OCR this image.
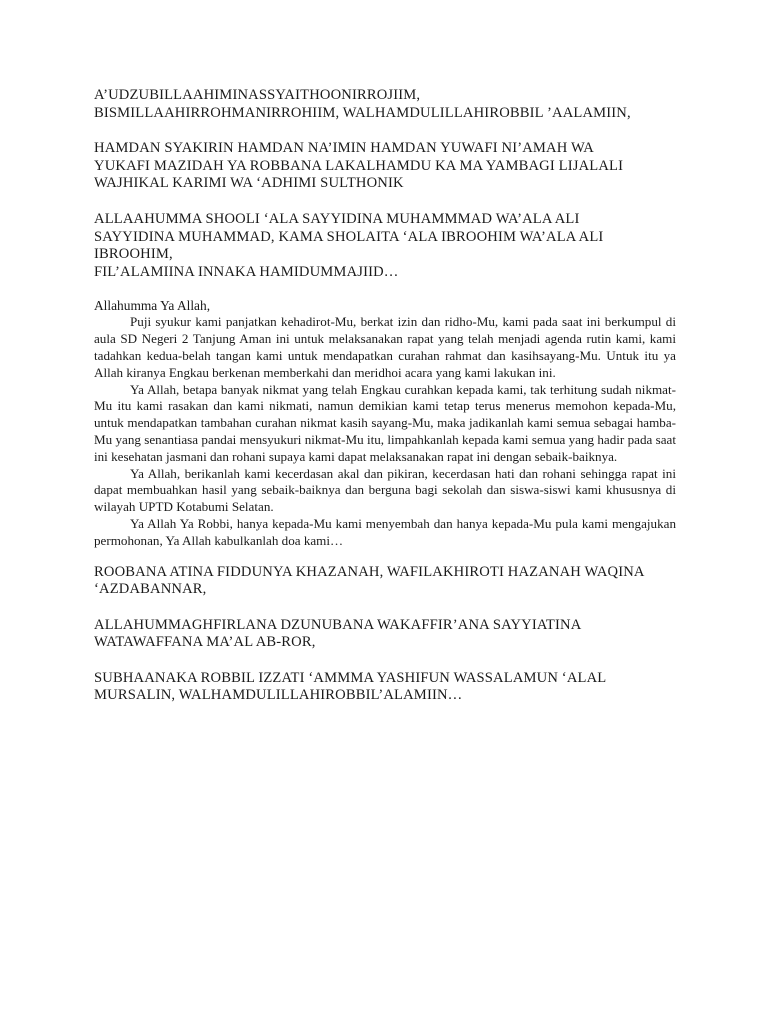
A’UDZUBILLAAHIMINASSYAITHOONIRROJIIM,
BISMILLAAHIRROHMANIRROHIIM, WALHAMDULILLAHIROBBIL ’AALAMIIN,
HAMDAN SYAKIRIN HAMDAN NA’IMIN HAMDAN YUWAFI NI’AMAH WA
YUKAFI MAZIDAH YA ROBBANA LAKALHAMDU KA MA YAMBAGI LIJALALI
WAJHIKAL KARIMI WA ‘ADHIMI SULTHONIK
ALLAAHUMMA SHOOLI ‘ALA SAYYIDINA MUHAMMMAD WA’ALA ALI
SAYYIDINA MUHAMMAD, KAMA SHOLAITA ‘ALA IBROOHIM WA’ALA ALI
IBROOHIM,
FIL’ALAMIINA INNAKA HAMIDUMMAJIID…

Allahumma Ya Allah,

Puji syukur kami panjatkan kehadirot-Mu, berkat izin dan ridho-Mu, kami pada saat ini berkumpul di aula SD Negeri 2 Tanjung Aman ini untuk melaksanakan rapat yang telah menjadi agenda rutin kami, kami tadahkan kedua-belah tangan kami untuk mendapatkan curahan rahmat dan kasihsayang-Mu. Untuk itu ya Allah kiranya Engkau berkenan memberkahi dan meridhoi acara yang kami lakukan ini.

Ya Allah, betapa banyak nikmat yang telah Engkau curahkan kepada kami, tak terhitung sudah nikmat-Mu itu kami rasakan dan kami nikmati, namun demikian kami tetap terus menerus memohon kepada-Mu, untuk mendapatkan tambahan curahan nikmat kasih sayang-Mu, maka jadikanlah kami semua sebagai hamba-Mu yang senantiasa pandai mensyukuri nikmat-Mu itu, limpahkanlah kepada kami semua yang hadir pada saat ini kesehatan jasmani dan rohani supaya kami dapat melaksanakan rapat ini dengan sebaik-baiknya.

Ya Allah, berikanlah kami kecerdasan akal dan pikiran, kecerdasan hati dan rohani sehingga rapat ini dapat membuahkan hasil yang sebaik-baiknya dan berguna bagi sekolah dan siswa-siswi kami khususnya di wilayah UPTD Kotabumi Selatan.

Ya Allah Ya Robbi, hanya kepada-Mu kami menyembah dan hanya kepada-Mu pula kami mengajukan permohonan, Ya Allah kabulkanlah doa kami…

ROOBANA ATINA FIDDUNYA KHAZANAH, WAFILAKHIROTI HAZANAH WAQINA
‘AZDABANNAR,
ALLAHUMMAGHFIRLANA DZUNUBANA WAKAFFIR’ANA SAYYIATINA
WATAWAFFANA MA’AL AB-ROR,
SUBHAANAKA ROBBIL IZZATI ‘AMMMA YASHIFUN WASSALAMUN ‘ALAL
MURSALIN, WALHAMDULILLAHIROBBIL’ALAMIIN…
